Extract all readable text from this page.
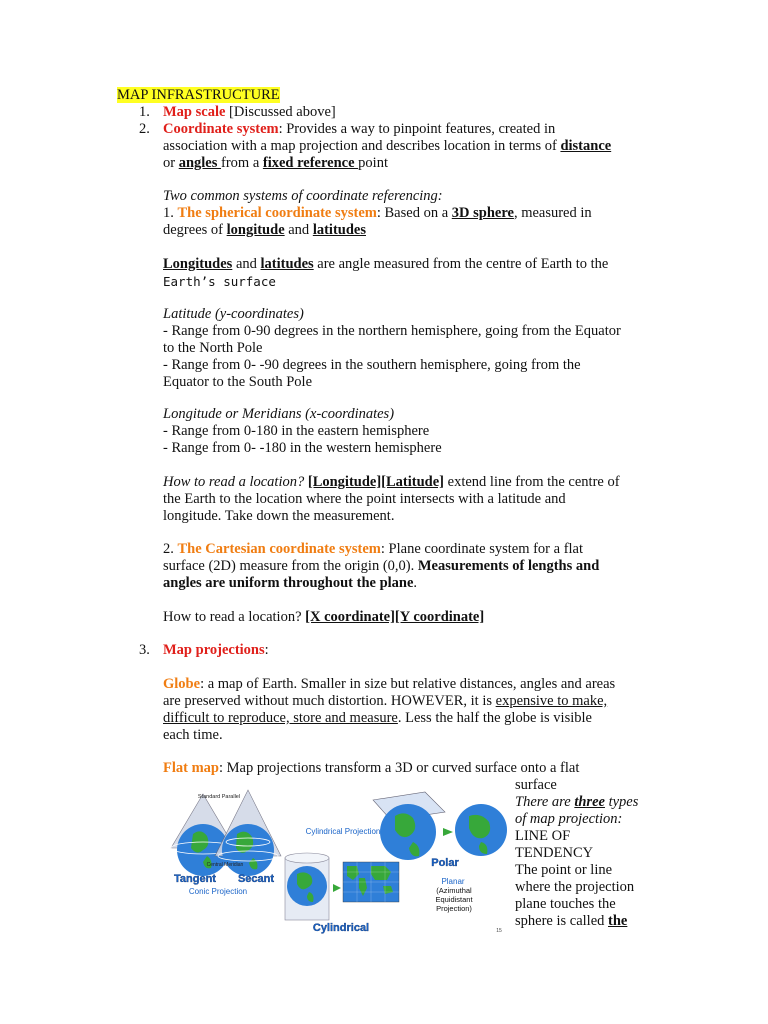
MAP INFRASTRUCTURE
1. Map scale [Discussed above]
2. Coordinate system: Provides a way to pinpoint features, created in
association with a map projection and describes location in terms of distance
or angles from a fixed reference point
Two common systems of coordinate referencing:
1. The spherical coordinate system: Based on a 3D sphere, measured in
degrees of longitude and latitudes
Longitudes and latitudes are angle measured from the centre of Earth to the
Earth’s surface
Latitude (y-coordinates)
- Range from 0-90 degrees in the northern hemisphere, going from the Equator
to the North Pole
- Range from 0- -90 degrees in the southern hemisphere, going from the
Equator to the South Pole
Longitude or Meridians (x-coordinates)
- Range from 0-180 in the eastern hemisphere
- Range from 0- -180 in the western hemisphere
How to read a location? [Longitude][Latitude] extend line from the centre of
the Earth to the location where the point intersects with a latitude and
longitude. Take down the measurement.
2. The Cartesian coordinate system: Plane coordinate system for a flat
surface (2D) measure from the origin (0,0). Measurements of lengths and
angles are uniform throughout the plane.
How to read a location? [X coordinate][Y coordinate]
3. Map projections:
Globe: a map of Earth. Smaller in size but relative distances, angles and areas
are preserved without much distortion. HOWEVER, it is expensive to make,
difficult to reproduce, store and measure. Less the half the globe is visible
each time.
Flat map: Map projections transform a 3D or curved surface onto a flat
surface
There are three types
of map projection:
LINE OF
TENDENCY
The point or line
where the projection
plane touches the
sphere is called the
Standard Parallel
Central Meridian
Tangent Secant
Conic Projection
Cylindrical Projection
Polar
Planar
(Azimuthal Equidistant Projection)
Cylindrical	15
